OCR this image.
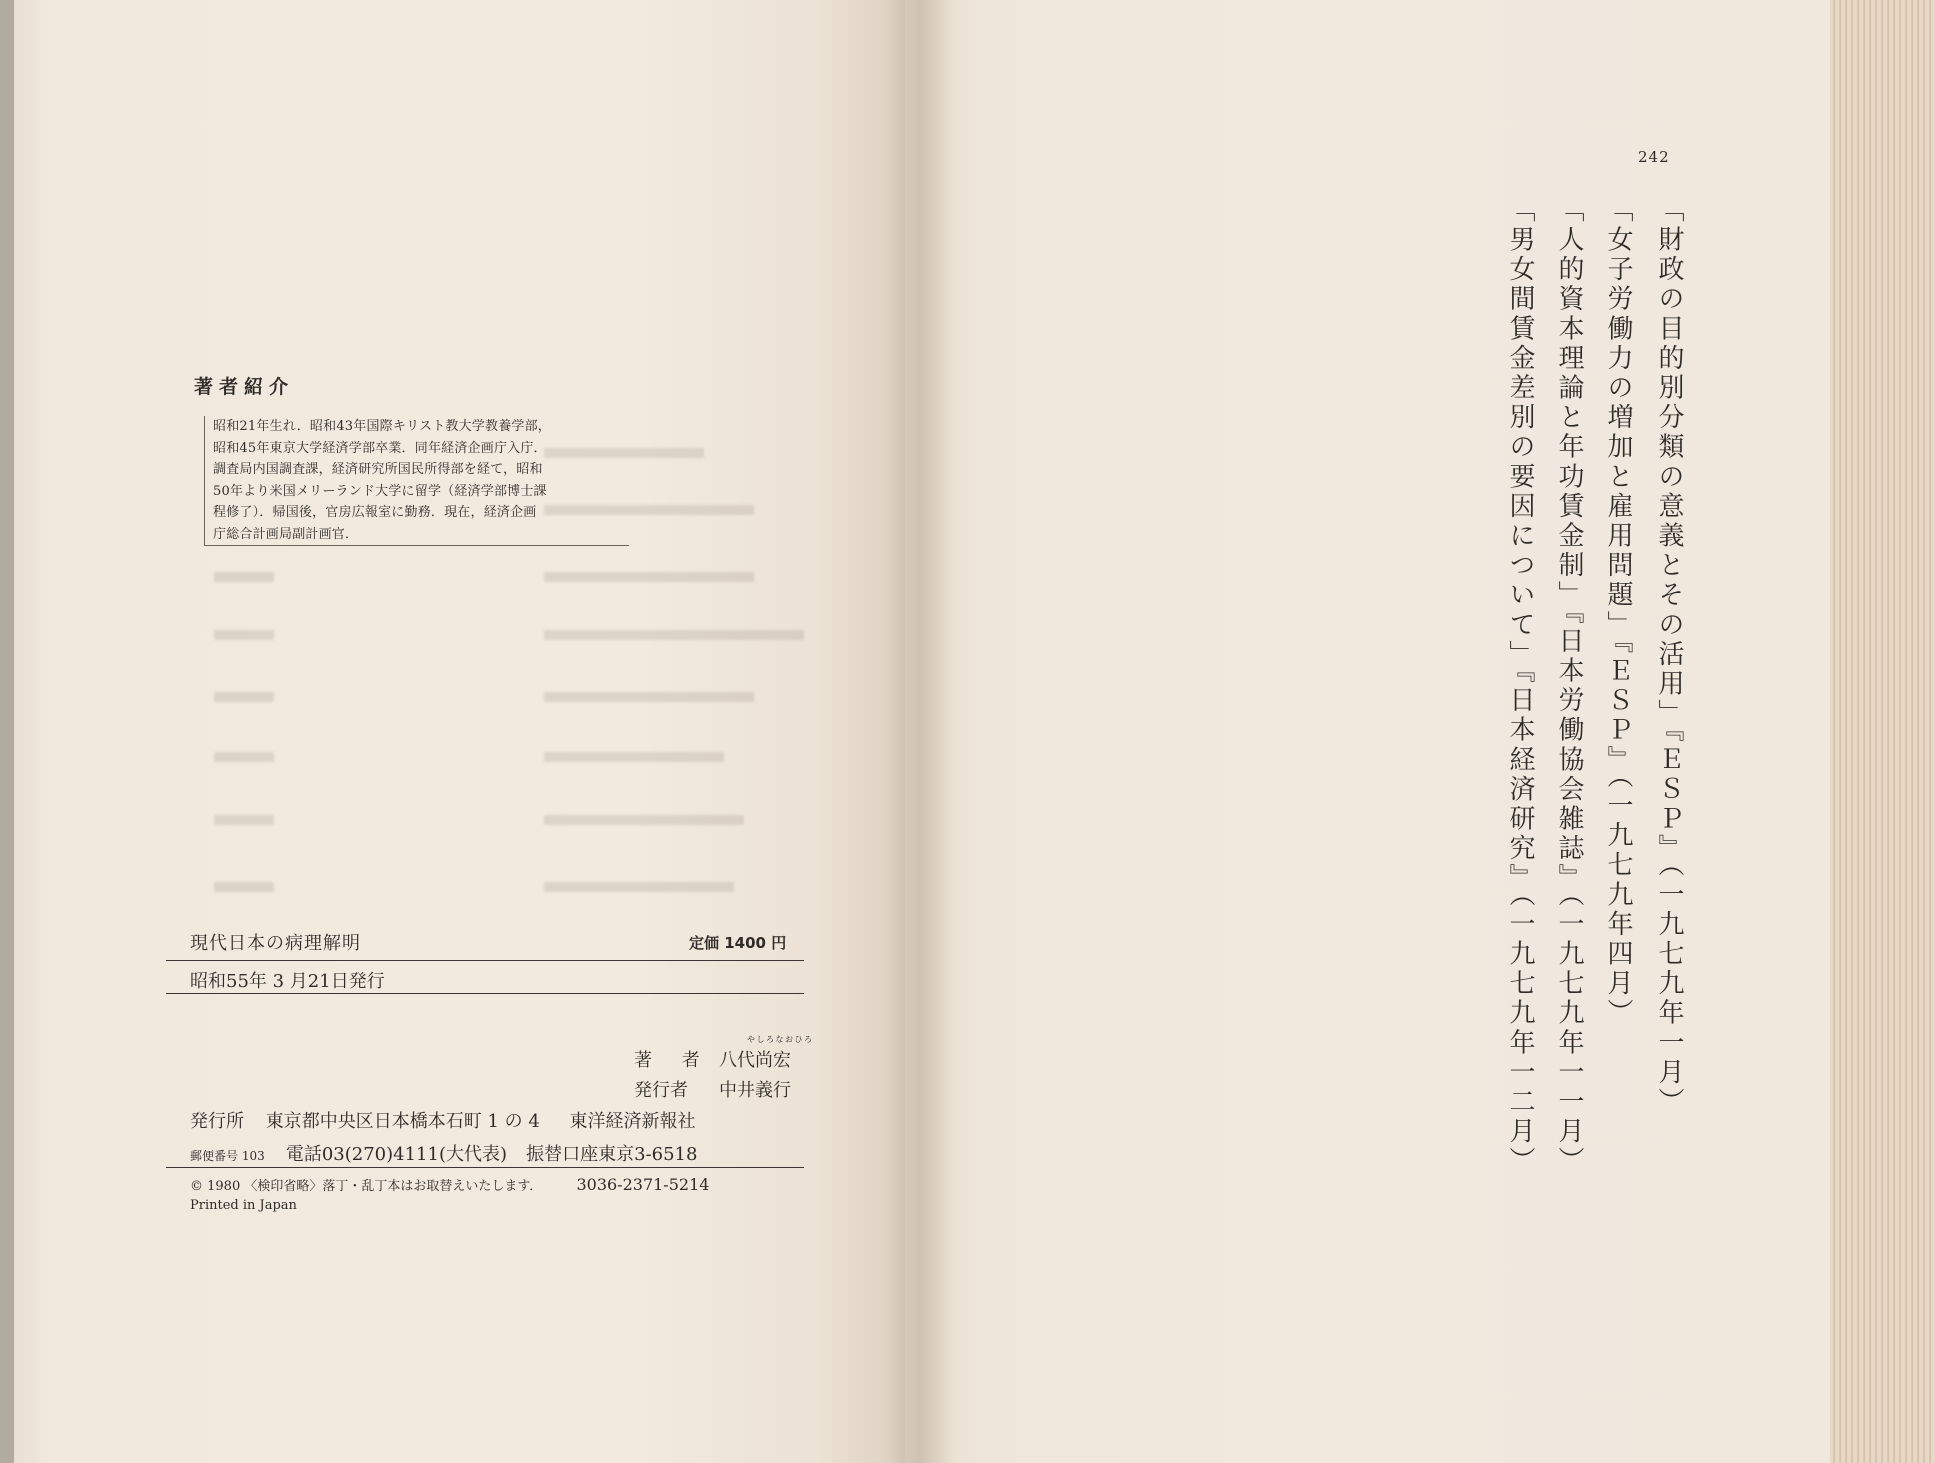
著者紹介
昭和21年生れ．昭和43年国際キリスト教大学教養学部，
昭和45年東京大学経済学部卒業．同年経済企画庁入庁．
調査局内国調査課，経済研究所国民所得部を経て，昭和
50年より米国メリーランド大学に留学（経済学部博士課
程修了）．帰国後，官房広報室に勤務．現在，経済企画
庁総合計画局副計画官．
現代日本の病理解明	定価 1400 円
昭和55年 3 月21日発行
やしろなおひろ
著 者 八代尚宏
発行者 中井義行
発行所 東京都中央区日本橋本石町 1 の 4 東洋経済新報社
郵便番号 103 電話03(270)4111(大代表) 振替口座東京3-6518
© 1980 〈検印省略〉落丁・乱丁本はお取替えいたします． 3036-2371-5214
Printed in Japan
242
「財政の目的別分類の意義とその活用」『ＥＳＰ』（一九七九年一月）
「女子労働力の増加と雇用問題」『ＥＳＰ』（一九七九年四月）
「人的資本理論と年功賃金制」『日本労働協会雑誌』（一九七九年一一月）
「男女間賃金差別の要因について」『日本経済研究』（一九七九年一二月）
